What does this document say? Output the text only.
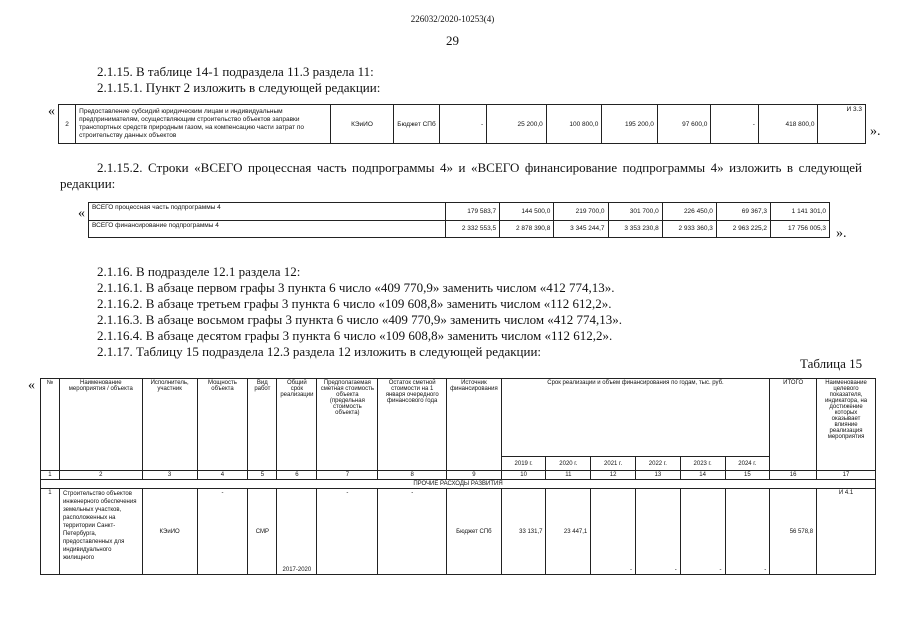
226032/2020-10253(4)
29
2.1.15. В таблице 14-1 подраздела 11.3 раздела 11:
2.1.15.1. Пункт 2 изложить в следующей редакции:
«
2	Предоставление субсидий юридическим лицам и индивидуальным предпринимателям, осуществляющим строительство объектов заправки транспортных средств природным газом, на компенсацию части затрат по строительству данных объектов	КЭиИО	Бюджет СПб	-	25 200,0	100 800,0	195 200,0	97 600,0	-	418 800,0	И 3.3
».
2.1.15.2. Строки «ВСЕГО процессная часть подпрограммы 4» и «ВСЕГО финансирование подпрограммы 4» изложить в следующей редакции:
« ВСЕГО процессная часть подпрограммы 4	179 583,7	144 500,0	219 700,0	301 700,0	226 450,0	69 367,3	1 141 301,0
ВСЕГО финансирование подпрограммы 4	2 332 553,5	2 878 390,8	3 345 244,7	3 353 230,8	2 933 360,3	2 963 225,2	17 756 005,3 ».
2.1.16. В подразделе 12.1 раздела 12:
2.1.16.1. В абзаце первом графы 3 пункта 6 число «409 770,9» заменить числом «412 774,13».
2.1.16.2. В абзаце третьем графы 3 пункта 6 число «109 608,8» заменить числом «112 612,2».
2.1.16.3. В абзаце восьмом графы 3 пункта 6 число «409 770,9» заменить числом «412 774,13».
2.1.16.4. В абзаце десятом графы 3 пункта 6 число «109 608,8» заменить числом «112 612,2».
2.1.17. Таблицу 15 подраздела 12.3 раздела 12 изложить в следующей редакции:
Таблица 15
« №	Наименование мероприятия / объекта	Исполнитель, участник	Мощность объекта	Вид работ	Общий срок реализации	Предполагаемая сметная стоимость объекта (предельная стоимость объекта)	Остаток сметной стоимости на 1 января очередного финансового года	Источник финансирования	Срок реализации и объем финансирования по годам, тыс. руб.						ИТОГО	Наименование целевого показателя, индикатора, на достижение которых оказывает влияние реализация мероприятия
									2019 г.	2020 г.	2021 г.	2022 г.	2023 г.	2024 г.		
1	2	3	4	5	6	7	8	9	10	11	12	13	14	15	16	17
ПРОЧИЕ РАСХОДЫ РАЗВИТИЯ																
1	Строительство объектов инженерного обеспечения земельных участков, расположенных на территории Санкт-Петербурга, предоставленных для индивидуального жилищного	КЭиИО	-	СМР	2017-2020	-	-	Бюджет СПб	33 131,7	23 447,1	-	-	-	-	56 578,8	И 4.1
